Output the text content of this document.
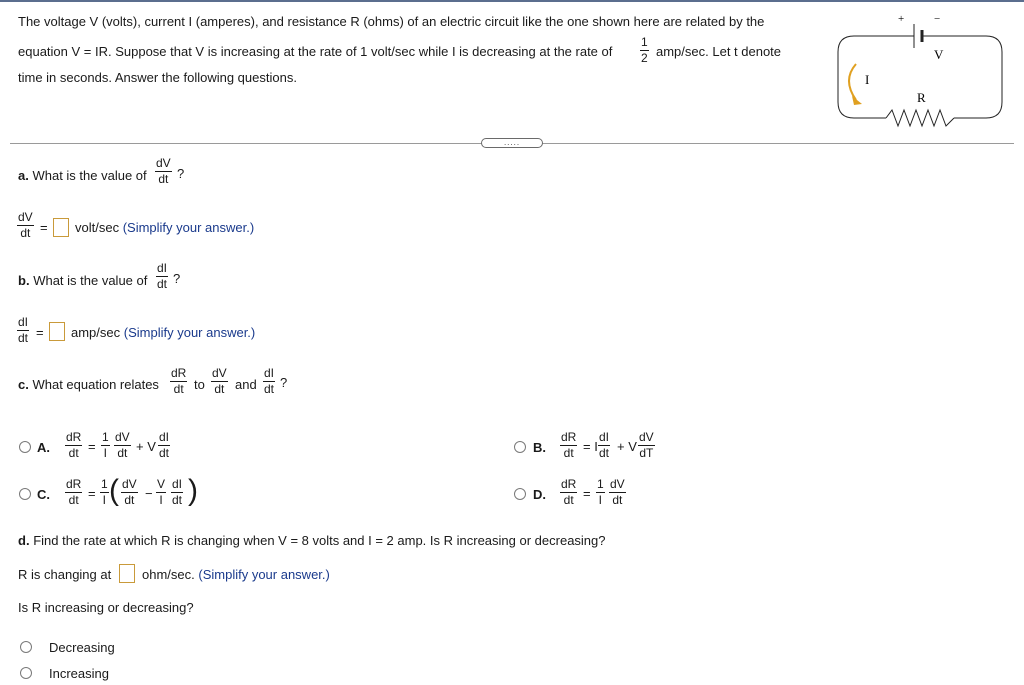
The voltage V (volts), current I (amperes), and resistance R (ohms) of an electric circuit like the one shown here are related by the
equation V = IR. Suppose that V is increasing at the rate of 1 volt/sec while I is decreasing at the rate of $\frac{1}{2} amp/\sec$. Let t denote
time in seconds. Answer the following questions.
+	−
V
I
R
.....
a. What is the value of $\frac{dV}{dt}$ ?
$\frac{dV}{dt}$ = volt/sec (Simplify your answer.)
b. What is the value of $\frac{dI}{dt}$ ?
$\frac{dI}{dt} = amp/\sec$ (Simplify your answer.)
c. What equation relates $\frac{dR}{dt}$ to $\frac{dV}{dt}$ and $\frac{dI}{dt}$ ?
A. $\frac{dR}{dt} = \frac{1}{I} \frac{dV}{dt} + V \frac{dI}{dt}$	B. $\frac{dR}{dt} = I \frac{dI}{dt} + V \frac{dV}{dT}$
C. $\frac{dR}{dt} = \frac{1}{I}$ ( $\frac{dV}{dt} - \frac{V}{I} \frac{dI}{dt}$ )	D. $\frac{dR}{dt} = \frac{1}{I} \frac{dV}{dt}$
d. Find the rate at which R is changing when V = 8 volts and I = 2 amp. Is R increasing or decreasing?
R is changing at ohm/sec. (Simplify your answer.)
Is R increasing or decreasing?
Decreasing
Increasing
